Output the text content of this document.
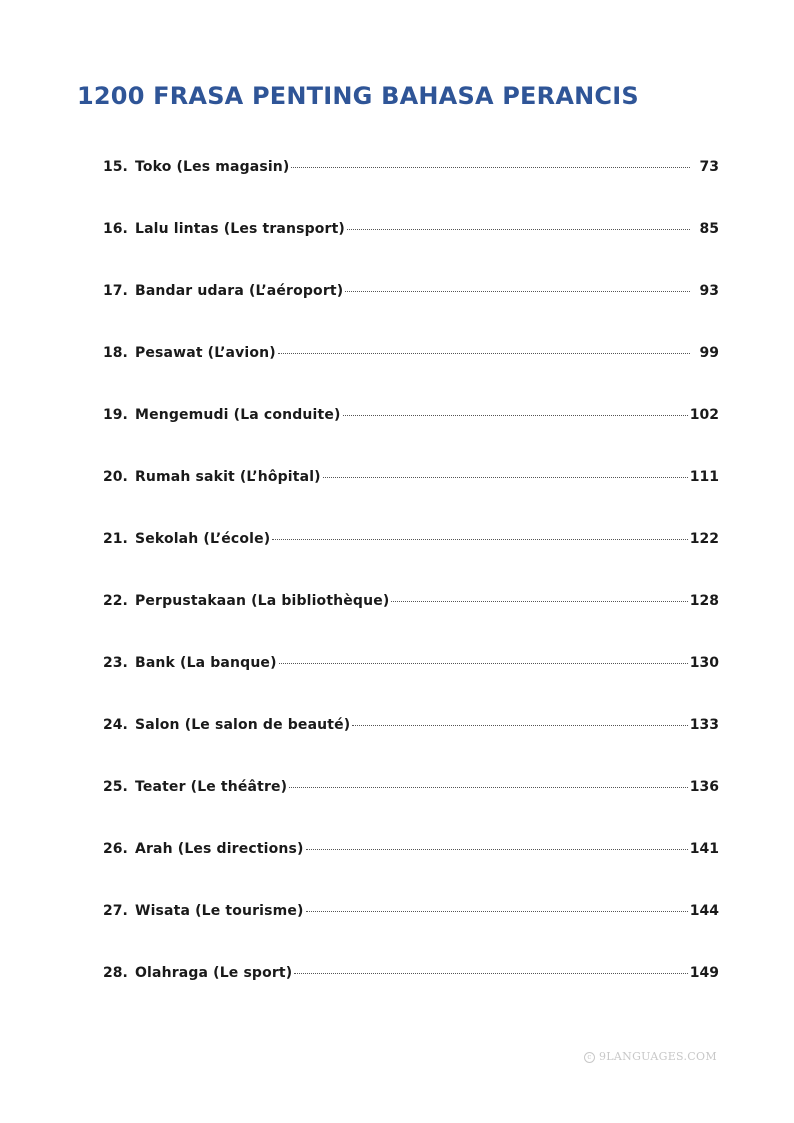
1200 FRASA PENTING BAHASA PERANCIS
15. Toko (Les magasin)	73
16. Lalu lintas (Les transport)	85
17. Bandar udara (L’aéroport)	93
18. Pesawat (L’avion)	99
19. Mengemudi (La conduite)	102
20. Rumah sakit (L’hôpital)	111
21. Sekolah (L’école)	122
22. Perpustakaan (La bibliothèque)	128
23. Bank (La banque)	130
24. Salon (Le salon de beauté)	133
25. Teater (Le théâtre)	136
26. Arah (Les directions)	141
27. Wisata (Le tourisme)	144
28. Olahraga (Le sport)	149
c 9LANGUAGES.COM
